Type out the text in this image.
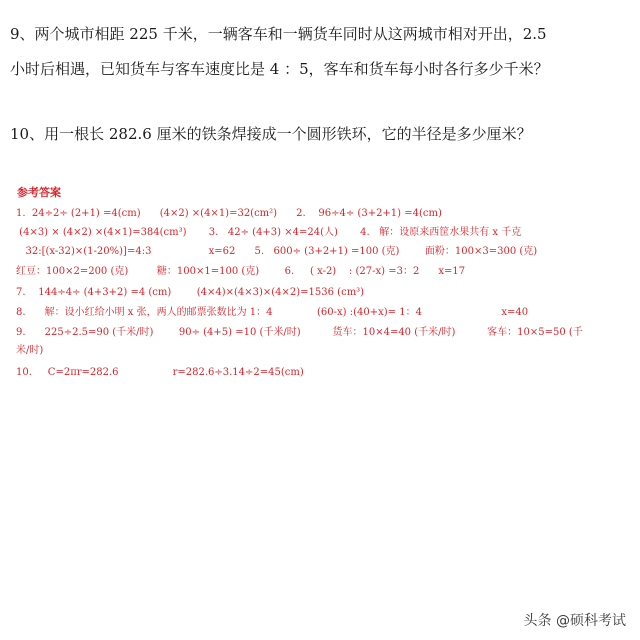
9、两个城市相距 225 千米，一辆客车和一辆货车同时从这两城市相对开出，2.5
小时后相遇，已知货车与客车速度比是 4 ：5，客车和货车每小时各行多少千米？
10、用一根长 282.6 厘米的铁条焊接成一个圆形铁环，它的半径是多少厘米？
参考答案
1.  24÷2÷ (2+1) =4(cm)      (4×2) ×(4×1)=32(cm²)      2.    96÷4÷ (3+2+1) =4(cm)
(4×3) × (4×2) ×(4×1)=384(cm³)       3.   42÷ (4+3) ×4=24(人)       4.   解：设原来西筐水果共有 x 千克
32:[(x-32)×(1-20%)]=4:3                  x=62      5.   600÷ (3+2+1) =100 (克)        面粉：100×3=300 (克)
红豆：100×2=200 (克)         糖：100×1=100 (克)        6.     ( x-2)    : (27-x) =3：2      x=17
7.    144÷4÷ (4+3+2) =4 (cm)        (4×4)×(4×3)×(4×2)=1536 (cm³)
8.      解：设小红给小明 x 张，两人的邮票张数比为 1：4              (60-x) :(40+x)= 1：4                         x=40
9.      225÷2.5=90 (千米/时)        90÷ (4+5) =10 (千米/时)          货车：10×4=40 (千米/时)          客车：10×5=50 (千
米/时)
10.     C=2πr=282.6                 r=282.6÷3.14÷2=45(cm)
头条 @硕科考试
